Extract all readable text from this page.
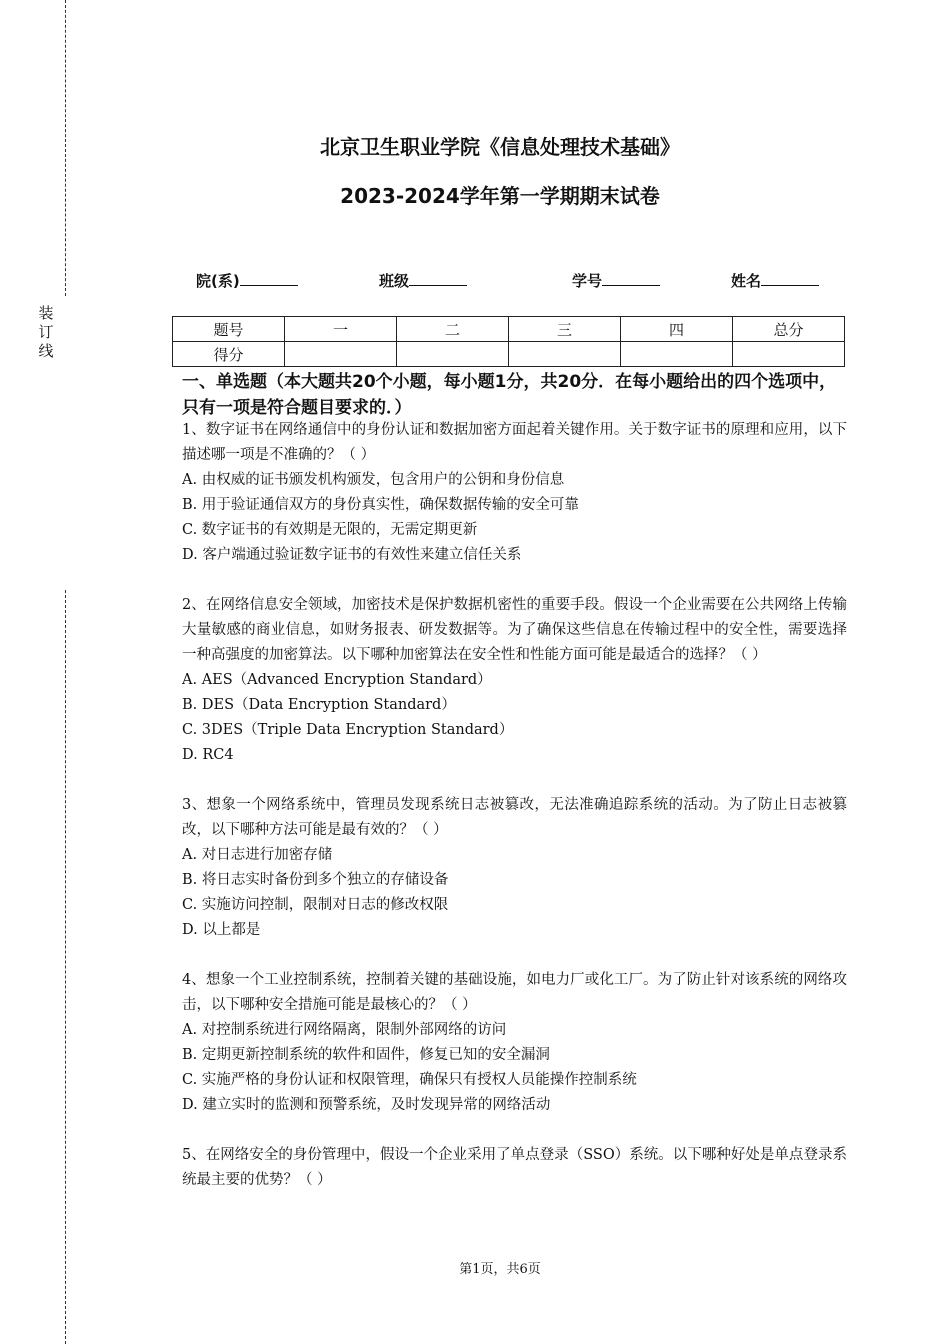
装订线
北京卫生职业学院《信息处理技术基础》
2023-2024学年第一学期期末试卷
院(系)	班级	学号	姓名
题号	一	二	三	四	总分
得分					
一、单选题（本大题共20个小题，每小题1分，共20分．在每小题给出的四个选项中，只有一项是符合题目要求的．）
1、数字证书在网络通信中的身份认证和数据加密方面起着关键作用。关于数字证书的原理和应用，以下描述哪一项是不准确的？（ ）
A. 由权威的证书颁发机构颁发，包含用户的公钥和身份信息
B. 用于验证通信双方的身份真实性，确保数据传输的安全可靠
C. 数字证书的有效期是无限的，无需定期更新
D. 客户端通过验证数字证书的有效性来建立信任关系
2、在网络信息安全领域，加密技术是保护数据机密性的重要手段。假设一个企业需要在公共网络上传输大量敏感的商业信息，如财务报表、研发数据等。为了确保这些信息在传输过程中的安全性，需要选择一种高强度的加密算法。以下哪种加密算法在安全性和性能方面可能是最适合的选择？（ ）
A. AES（Advanced Encryption Standard）
B. DES（Data Encryption Standard）
C. 3DES（Triple Data Encryption Standard）
D. RC4
3、想象一个网络系统中，管理员发现系统日志被篡改，无法准确追踪系统的活动。为了防止日志被篡改，以下哪种方法可能是最有效的？（ ）
A. 对日志进行加密存储
B. 将日志实时备份到多个独立的存储设备
C. 实施访问控制，限制对日志的修改权限
D. 以上都是
4、想象一个工业控制系统，控制着关键的基础设施，如电力厂或化工厂。为了防止针对该系统的网络攻击，以下哪种安全措施可能是最核心的？（ ）
A. 对控制系统进行网络隔离，限制外部网络的访问
B. 定期更新控制系统的软件和固件，修复已知的安全漏洞
C. 实施严格的身份认证和权限管理，确保只有授权人员能操作控制系统
D. 建立实时的监测和预警系统，及时发现异常的网络活动
5、在网络安全的身份管理中，假设一个企业采用了单点登录（SSO）系统。以下哪种好处是单点登录系统最主要的优势？（ ）
第1页，共6页
